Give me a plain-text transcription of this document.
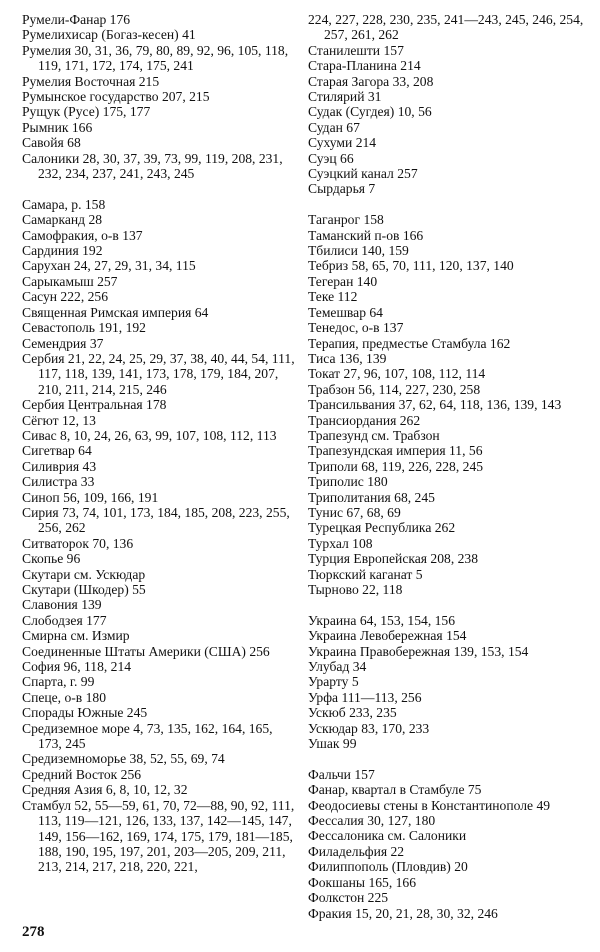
Румели-Фанар 176
Румелихисар (Богаз-кесен) 41
Румелия 30, 31, 36, 79, 80, 89, 92, 96, 105, 118, 119, 171, 172, 174, 175, 241
Румелия Восточная 215
Румынское государство 207, 215
Рущук (Русе) 175, 177
Рымник 166
Савойя 68
Салоники 28, 30, 37, 39, 73, 99, 119, 208, 231, 232, 234, 237, 241, 243, 245
Самара, р. 158
Самарканд 28
Самофракия, о-в 137
Сардиния 192
Сарухан 24, 27, 29, 31, 34, 115
Сарыкамыш 257
Сасун 222, 256
Священная Римская империя 64
Севастополь 191, 192
Семендрия 37
Сербия 21, 22, 24, 25, 29, 37, 38, 40, 44, 54, 111, 117, 118, 139, 141, 173, 178, 179, 184, 207, 210, 211, 214, 215, 246
Сербия Центральная 178
Сёгют 12, 13
Сивас 8, 10, 24, 26, 63, 99, 107, 108, 112, 113
Сигетвар 64
Силиврия 43
Силистра 33
Синоп 56, 109, 166, 191
Сирия 73, 74, 101, 173, 184, 185, 208, 223, 255, 256, 262
Ситваторок 70, 136
Скопье 96
Скутари см. Ускюдар
Скутари (Шкодер) 55
Славония 139
Слободзея 177
Смирна см. Измир
Соединенные Штаты Америки (США) 256
София 96, 118, 214
Спарта, г. 99
Спеце, о-в 180
Спорады Южные 245
Средиземное море 4, 73, 135, 162, 164, 165, 173, 245
Средиземноморье 38, 52, 55, 69, 74
Средний Восток 256
Средняя Азия 6, 8, 10, 12, 32
Стамбул 52, 55—59, 61, 70, 72—88, 90, 92, 111, 113, 119—121, 126, 133, 137, 142—145, 147, 149, 156—162, 169, 174, 175, 179, 181—185, 188, 190, 195, 197, 201, 203—205, 209, 211, 213, 214, 217, 218, 220, 221,
224, 227, 228, 230, 235, 241—243, 245, 246, 254, 257, 261, 262
Станилешти 157
Стара-Планина 214
Старая Загора 33, 208
Стилярий 31
Судак (Сугдея) 10, 56
Судан 67
Сухуми 214
Суэц 66
Суэцкий канал 257
Сырдарья 7
Таганрог 158
Таманский п-ов 166
Тбилиси 140, 159
Тебриз 58, 65, 70, 111, 120, 137, 140
Тегеран 140
Теке 112
Темешвар 64
Тенедос, о-в 137
Терапия, предместье Стамбула 162
Тиса 136, 139
Токат 27, 96, 107, 108, 112, 114
Трабзон 56, 114, 227, 230, 258
Трансильвания 37, 62, 64, 118, 136, 139, 143
Трансиордания 262
Трапезунд см. Трабзон
Трапезундская империя 11, 56
Триполи 68, 119, 226, 228, 245
Триполис 180
Триполитания 68, 245
Тунис 67, 68, 69
Турецкая Республика 262
Турхал 108
Турция Европейская 208, 238
Тюркский каганат 5
Тырново 22, 118
Украина 64, 153, 154, 156
Украина Левобережная 154
Украина Правобережная 139, 153, 154
Улубад 34
Урарту 5
Урфа 111—113, 256
Ускюб 233, 235
Ускюдар 83, 170, 233
Ушак 99
Фальчи 157
Фанар, квартал в Стамбуле 75
Феодосиевы стены в Константинополе 49
Фессалия 30, 127, 180
Фессалоника см. Салоники
Филадельфия 22
Филиппополь (Пловдив) 20
Фокшаны 165, 166
Фолкстон 225
Фракия 15, 20, 21, 28, 30, 32, 246
278
